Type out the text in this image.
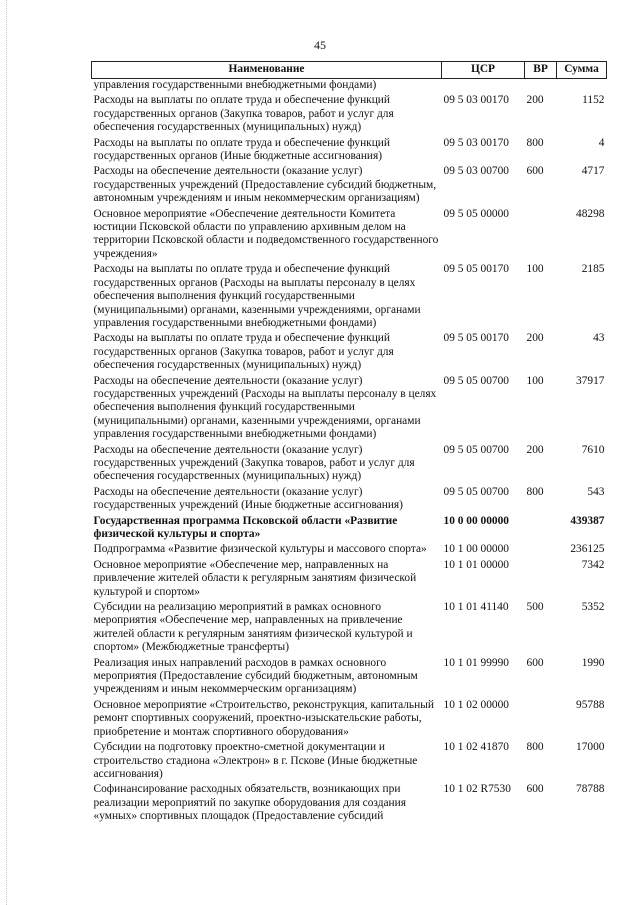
45
Наименование	ЦСР	ВР	Сумма
управления государственными внебюджетными фондами)			
Расходы на выплаты по оплате труда и обеспечение функций государственных органов (Закупка товаров, работ и услуг для обеспечения государственных (муниципальных) нужд)	09 5 03 00170	200	1152
Расходы на выплаты по оплате труда и обеспечение функций государственных органов (Иные бюджетные ассигнования)	09 5 03 00170	800	4
Расходы на обеспечение деятельности (оказание услуг) государственных учреждений (Предоставление субсидий бюджетным, автономным учреждениям и иным некоммерческим организациям)	09 5 03 00700	600	4717
Основное мероприятие «Обеспечение деятельности Комитета юстиции Псковской области по управлению архивным делом на территории Псковской области и подведомственного государственного учреждения»	09 5 05 00000		48298
Расходы на выплаты по оплате труда и обеспечение функций государственных органов (Расходы на выплаты персоналу в целях обеспечения выполнения функций государственными (муниципальными) органами, казенными учреждениями, органами управления государственными внебюджетными фондами)	09 5 05 00170	100	2185
Расходы на выплаты по оплате труда и обеспечение функций государственных органов (Закупка товаров, работ и услуг для обеспечения государственных (муниципальных) нужд)	09 5 05 00170	200	43
Расходы на обеспечение деятельности (оказание услуг) государственных учреждений (Расходы на выплаты персоналу в целях обеспечения выполнения функций государственными (муниципальными) органами, казенными учреждениями, органами управления государственными внебюджетными фондами)	09 5 05 00700	100	37917
Расходы на обеспечение деятельности (оказание услуг) государственных учреждений (Закупка товаров, работ и услуг для обеспечения государственных (муниципальных) нужд)	09 5 05 00700	200	7610
Расходы на обеспечение деятельности (оказание услуг) государственных учреждений (Иные бюджетные ассигнования)	09 5 05 00700	800	543
Государственная программа Псковской области «Развитие физической культуры и спорта»	10 0 00 00000		439387
Подпрограмма «Развитие физической культуры и массового спорта»	10 1 00 00000		236125
Основное мероприятие «Обеспечение мер, направленных на привлечение жителей области к регулярным занятиям физической культурой и спортом»	10 1 01 00000		7342
Субсидии на реализацию мероприятий в рамках основного мероприятия «Обеспечение мер, направленных на привлечение жителей области к регулярным занятиям физической культурой и спортом» (Межбюджетные трансферты)	10 1 01 41140	500	5352
Реализация иных направлений расходов в рамках основного мероприятия (Предоставление субсидий бюджетным, автономным учреждениям и иным некоммерческим организациям)	10 1 01 99990	600	1990
Основное мероприятие «Строительство, реконструкция, капитальный ремонт спортивных сооружений, проектно-изыскательские работы, приобретение и монтаж спортивного оборудования»	10 1 02 00000		95788
Субсидии на подготовку проектно-сметной документации и строительство стадиона «Электрон» в г. Пскове (Иные бюджетные ассигнования)	10 1 02 41870	800	17000
Софинансирование расходных обязательств, возникающих при реализации мероприятий по закупке оборудования для создания «умных» спортивных площадок (Предоставление субсидий	10 1 02 R7530	600	78788
